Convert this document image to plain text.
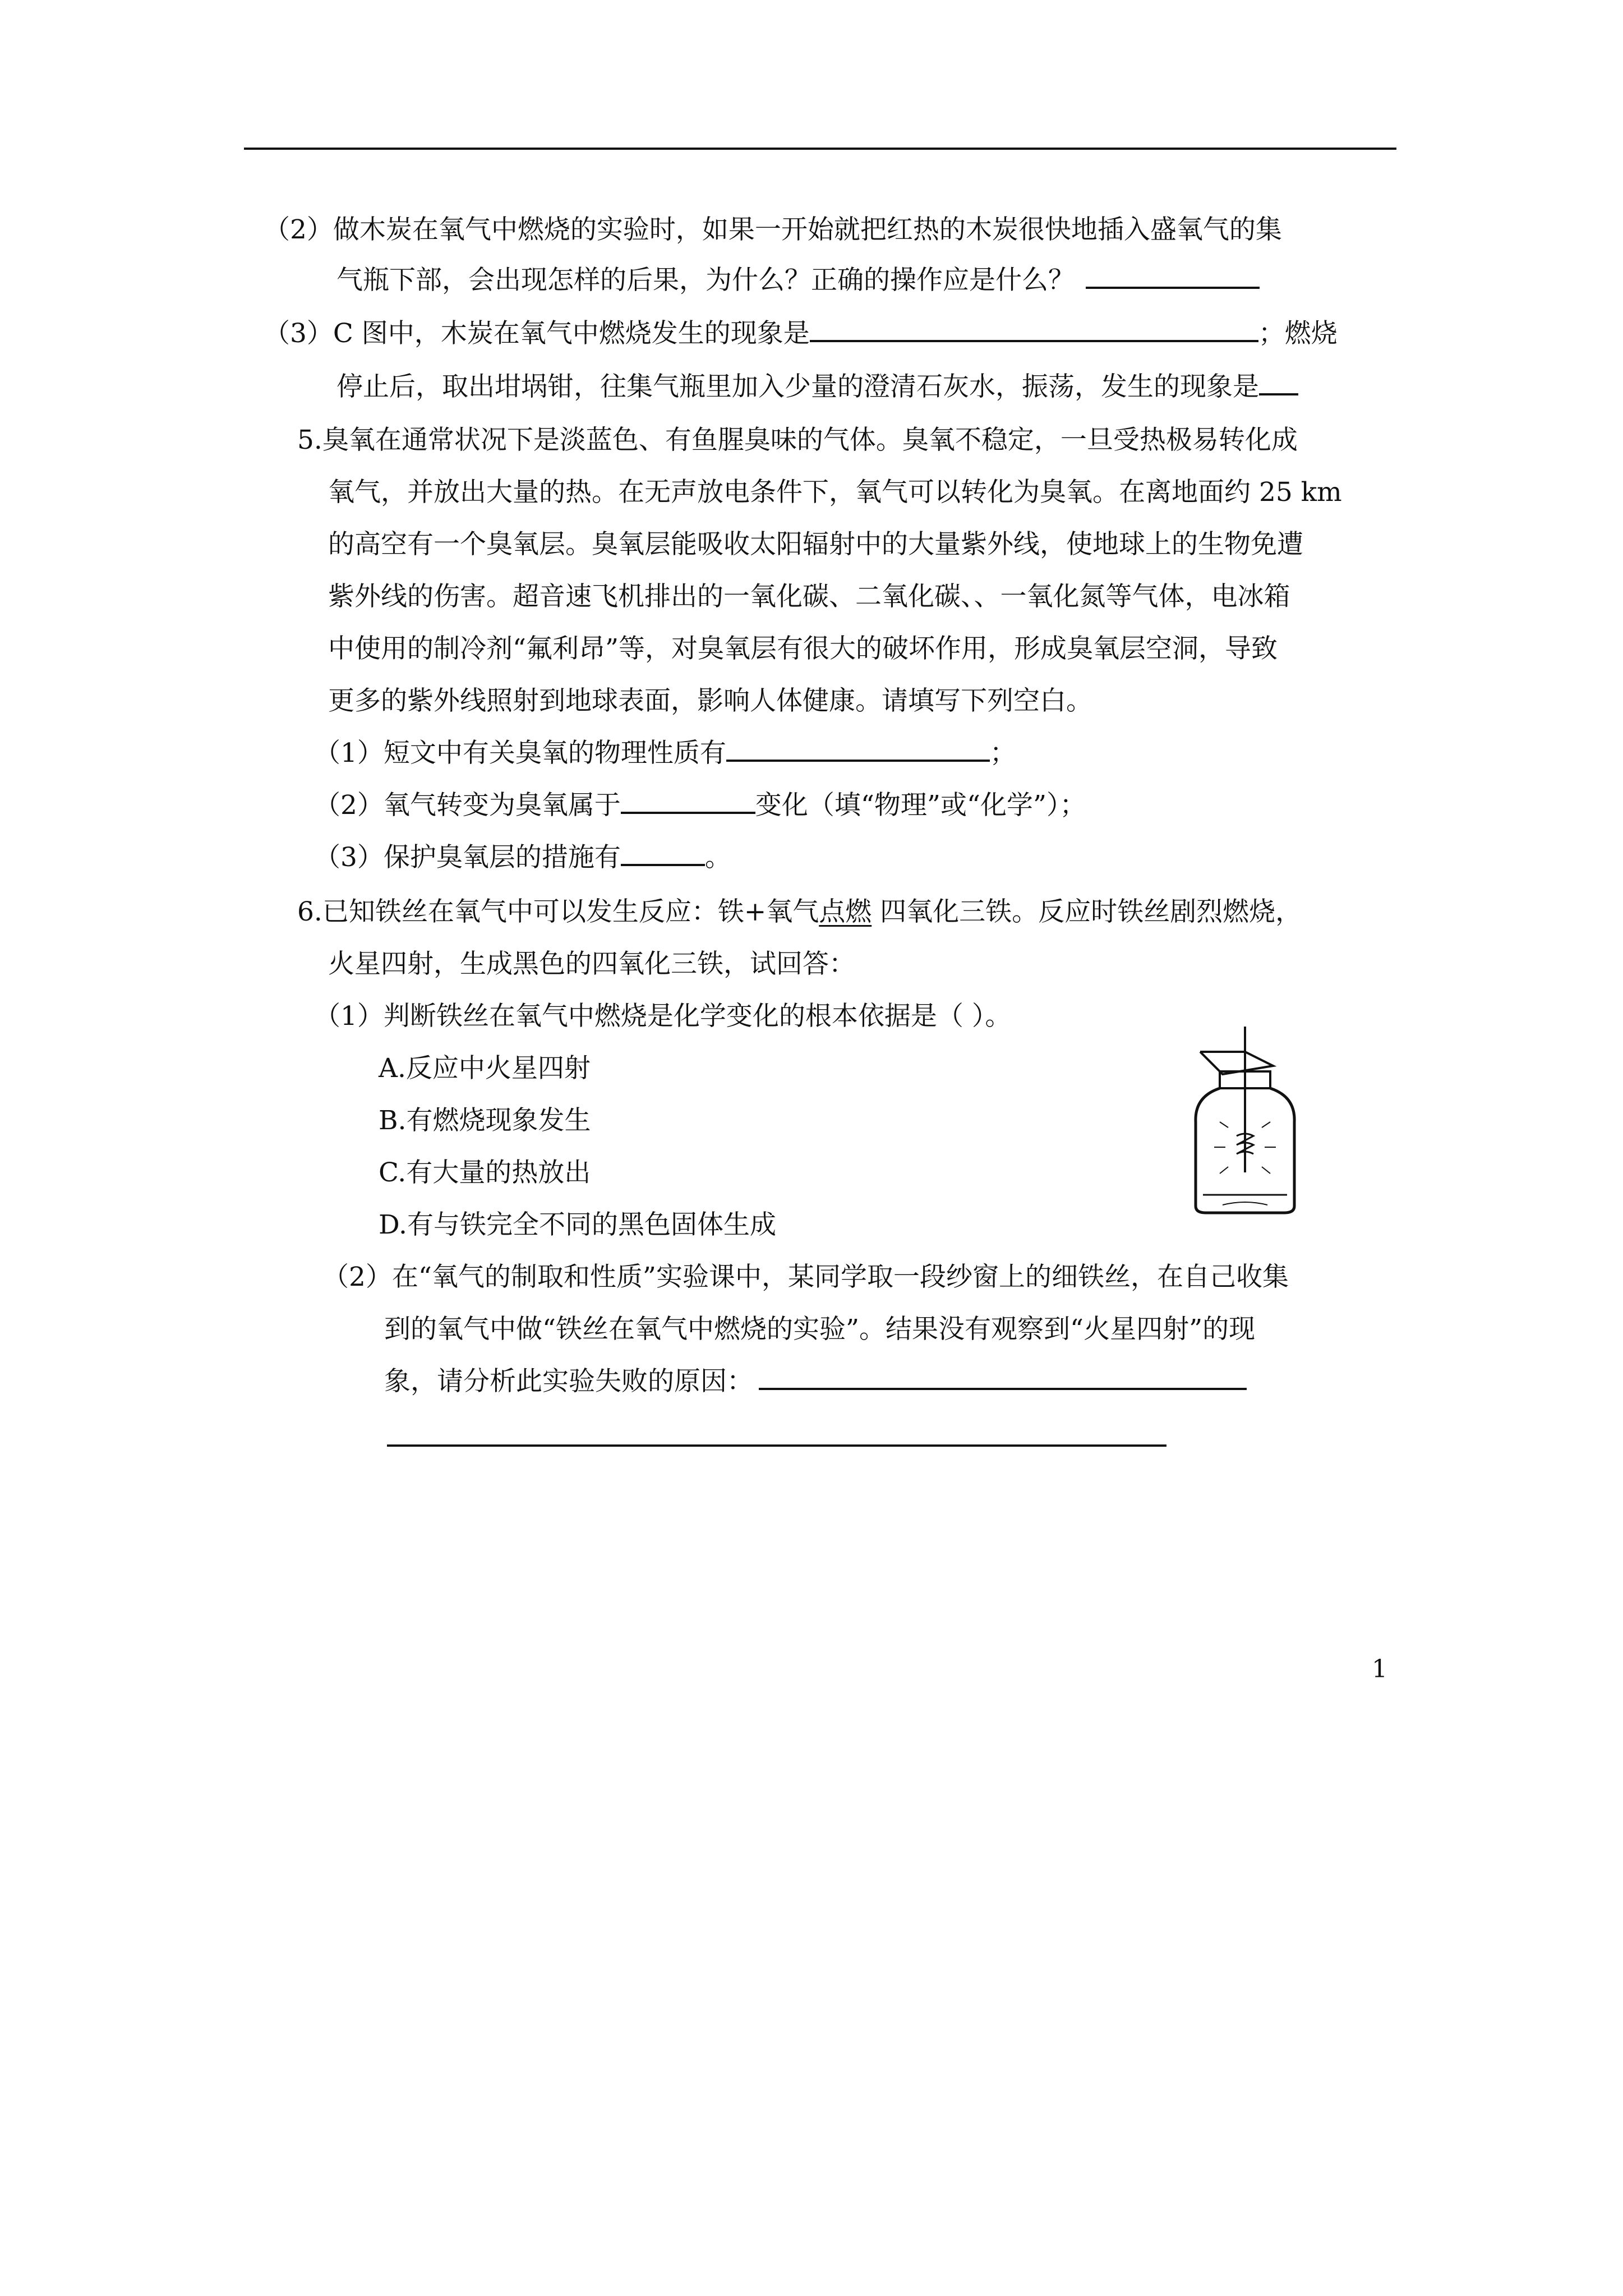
（2）做木炭在氧气中燃烧的实验时，如果一开始就把红热的木炭很快地插入盛氧气的集
气瓶下部，会出现怎样的后果，为什么？正确的操作应是什么？
（3）C 图中，木炭在氧气中燃烧发生的现象是	；燃烧
停止后，取出坩埚钳，往集气瓶里加入少量的澄清石灰水，振荡，发生的现象是
5.臭氧在通常状况下是淡蓝色、有鱼腥臭味的气体。臭氧不稳定，一旦受热极易转化成
氧气，并放出大量的热。在无声放电条件下，氧气可以转化为臭氧。在离地面约 25 km
的高空有一个臭氧层。臭氧层能吸收太阳辐射中的大量紫外线，使地球上的生物免遭
紫外线的伤害。超音速飞机排出的一氧化碳、二氧化碳、、一氧化氮等气体，电冰箱
中使用的制冷剂“氟利昂”等，对臭氧层有很大的破坏作用，形成臭氧层空洞，导致
更多的紫外线照射到地球表面，影响人体健康。请填写下列空白。
（1）短文中有关臭氧的物理性质有	；
（2）氧气转变为臭氧属于	变化（填“物理”或“化学”）；
（3）保护臭氧层的措施有	。
6.已知铁丝在氧气中可以发生反应：铁+氧气点燃 四氧化三铁。反应时铁丝剧烈燃烧，
火星四射，生成黑色的四氧化三铁，试回答：
（1）判断铁丝在氧气中燃烧是化学变化的根本依据是（ ）。
A.反应中火星四射
B.有燃烧现象发生
C.有大量的热放出
D.有与铁完全不同的黑色固体生成
（2）在“氧气的制取和性质”实验课中，某同学取一段纱窗上的细铁丝，在自己收集
到的氧气中做“铁丝在氧气中燃烧的实验”。结果没有观察到“火星四射”的现
象，请分析此实验失败的原因：
1
